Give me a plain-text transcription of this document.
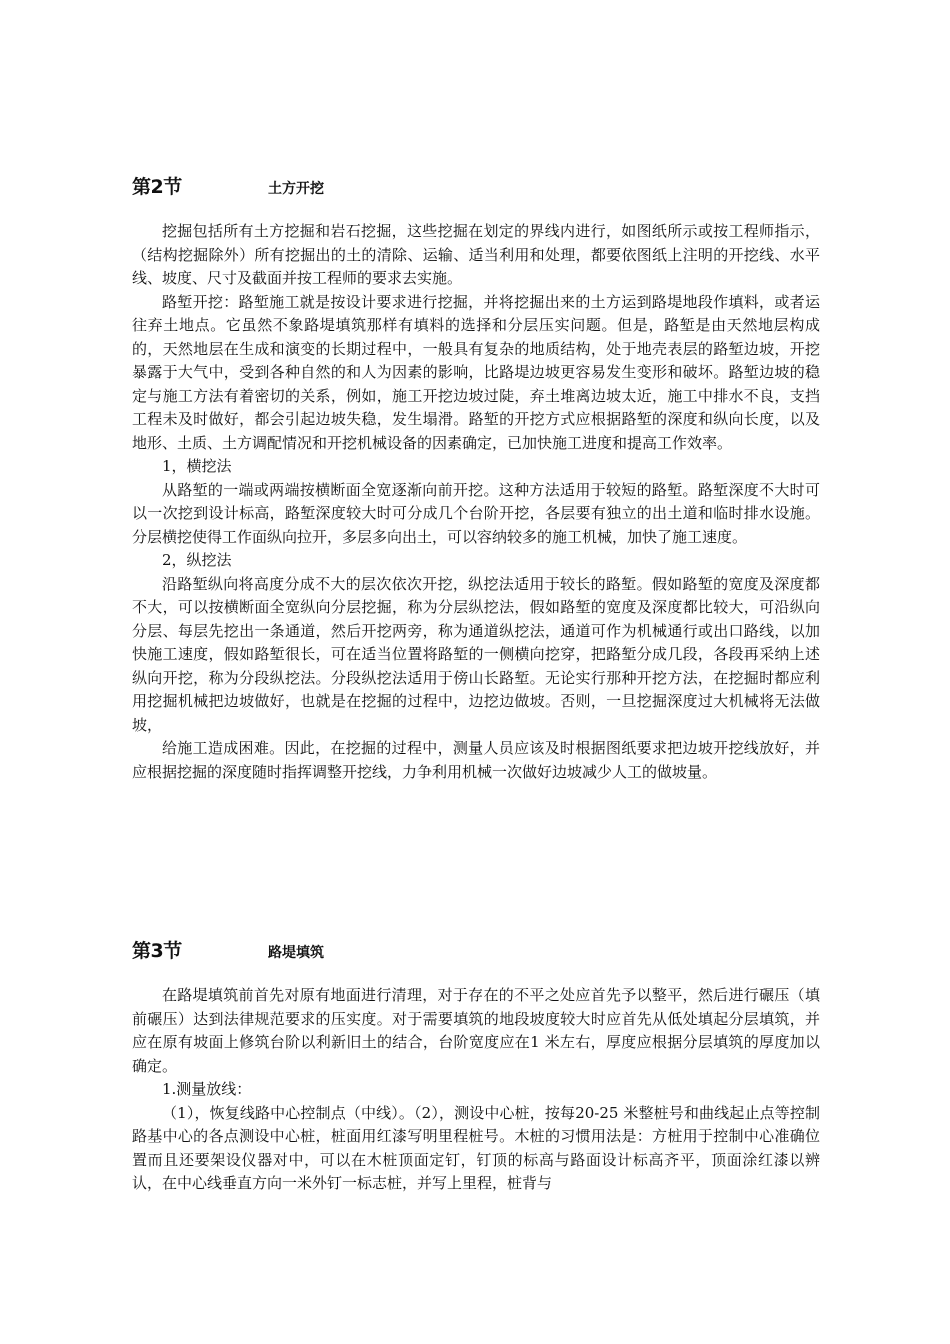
第2节	土方开挖

挖掘包括所有土方挖掘和岩石挖掘，这些挖掘在划定的界线内进行，如图纸所示或按工程师指示，（结构挖掘除外）所有挖掘出的土的清除、运输、适当利用和处理，都要依图纸上注明的开挖线、水平线、坡度、尺寸及截面并按工程师的要求去实施。

路堑开挖：路堑施工就是按设计要求进行挖掘，并将挖掘出来的土方运到路堤地段作填料，或者运往弃土地点。它虽然不象路堤填筑那样有填料的选择和分层压实问题。但是，路堑是由天然地层构成的，天然地层在生成和演变的长期过程中，一般具有复杂的地质结构，处于地壳表层的路堑边坡，开挖暴露于大气中，受到各种自然的和人为因素的影响，比路堤边坡更容易发生变形和破坏。路堑边坡的稳定与施工方法有着密切的关系，例如，施工开挖边坡过陡，弃土堆离边坡太近，施工中排水不良，支挡工程未及时做好，都会引起边坡失稳，发生塌滑。路堑的开挖方式应根据路堑的深度和纵向长度，以及地形、土质、土方调配情况和开挖机械设备的因素确定，已加快施工进度和提高工作效率。

1，横挖法

从路堑的一端或两端按横断面全宽逐渐向前开挖。这种方法适用于较短的路堑。路堑深度不大时可以一次挖到设计标高，路堑深度较大时可分成几个台阶开挖，各层要有独立的出土道和临时排水设施。分层横挖使得工作面纵向拉开，多层多向出土，可以容纳较多的施工机械，加快了施工速度。

2，纵挖法

沿路堑纵向将高度分成不大的层次依次开挖，纵挖法适用于较长的路堑。假如路堑的宽度及深度都不大，可以按横断面全宽纵向分层挖掘，称为分层纵挖法，假如路堑的宽度及深度都比较大，可沿纵向分层、每层先挖出一条通道，然后开挖两旁，称为通道纵挖法，通道可作为机械通行或出口路线，以加快施工速度，假如路堑很长，可在适当位置将路堑的一侧横向挖穿，把路堑分成几段，各段再采纳上述纵向开挖，称为分段纵挖法。分段纵挖法适用于傍山长路堑。无论实行那种开挖方法，在挖掘时都应利用挖掘机械把边坡做好，也就是在挖掘的过程中，边挖边做坡。否则，一旦挖掘深度过大机械将无法做坡，

给施工造成困难。因此，在挖掘的过程中，测量人员应该及时根据图纸要求把边坡开挖线放好，并应根据挖掘的深度随时指挥调整开挖线，力争利用机械一次做好边坡减少人工的做坡量。

第3节	路堤填筑

在路堤填筑前首先对原有地面进行清理，对于存在的不平之处应首先予以整平，然后进行碾压（填前碾压）达到法律规范要求的压实度。对于需要填筑的地段坡度较大时应首先从低处填起分层填筑，并应在原有坡面上修筑台阶以利新旧土的结合，台阶宽度应在1 米左右，厚度应根据分层填筑的厚度加以确定。

1.测量放线：

（1），恢复线路中心控制点（中线）。（2），测设中心桩，按每20-25 米整桩号和曲线起止点等控制路基中心的各点测设中心桩，桩面用红漆写明里程桩号。木桩的习惯用法是：方桩用于控制中心准确位置而且还要架设仪器对中，可以在木桩顶面定钉，钉顶的标高与路面设计标高齐平，顶面涂红漆以辨认，在中心线垂直方向一米外钉一标志桩，并写上里程，桩背与
